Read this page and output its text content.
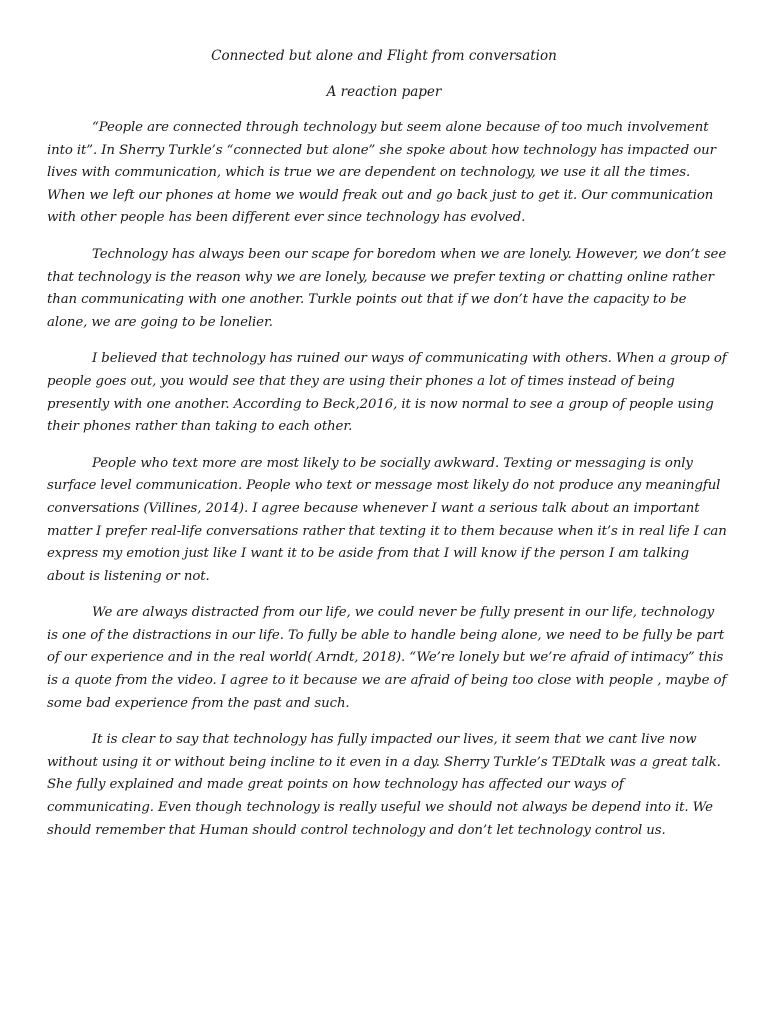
Connected but alone and Flight from conversation
A reaction paper

“People are connected through technology but seem alone because of too much involvement into it”. In Sherry Turkle’s “connected but alone” she spoke about how technology has impacted our lives with communication, which is true we are dependent on technology, we use it all the times. When we left our phones at home we would freak out and go back just to get it. Our communication with other people has been different ever since technology has evolved.

Technology has always been our scape for boredom when we are lonely. However, we don’t see that technology is the reason why we are lonely, because we prefer texting or chatting online rather than communicating with one another. Turkle points out that if we don’t have the capacity to be alone, we are going to be lonelier.

I believed that technology has ruined our ways of communicating with others. When a group of people goes out, you would see that they are using their phones a lot of times instead of being presently with one another. According to Beck,2016, it is now normal to see a group of people using their phones rather than taking to each other.

People who text more are most likely to be socially awkward. Texting or messaging is only surface level communication. People who text or message most likely do not produce any meaningful conversations (Villines, 2014). I agree because whenever I want a serious talk about an important matter I prefer real-life conversations rather that texting it to them because when it’s in real life I can express my emotion just like I want it to be aside from that I will know if the person I am talking about is listening or not.

We are always distracted from our life, we could never be fully present in our life, technology is one of the distractions in our life. To fully be able to handle being alone, we need to be fully be part of our experience and in the real world( Arndt, 2018). “We’re lonely but we’re afraid of intimacy” this is a quote from the video. I agree to it because we are afraid of being too close with people , maybe of some bad experience from the past and such.

It is clear to say that technology has fully impacted our lives, it seem that we cant live now without using it or without being incline to it even in a day. Sherry Turkle’s TEDtalk was a great talk. She fully explained and made great points on how technology has affected our ways of communicating. Even though technology is really useful we should not always be depend into it. We should remember that Human should control technology and don’t let technology control us.
